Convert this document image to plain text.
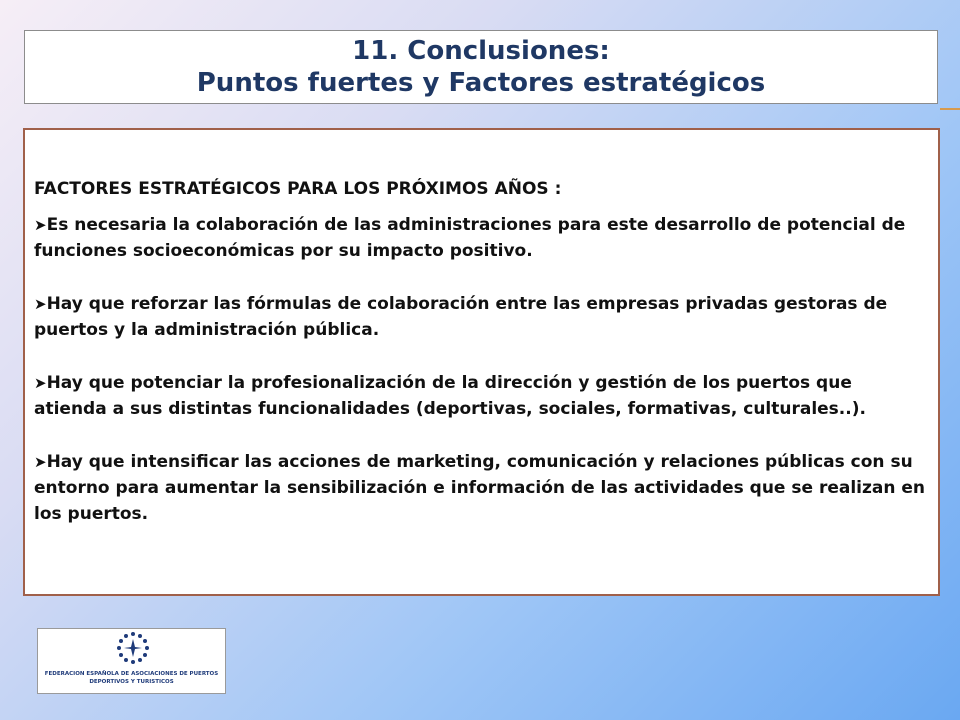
11. Conclusiones:
Puntos fuertes y Factores estratégicos

FACTORES ESTRATÉGICOS PARA LOS PRÓXIMOS AÑOS :

➤Es necesaria la colaboración de las administraciones para este desarrollo de potencial de funciones socioeconómicas por su impacto positivo.

➤Hay que reforzar las fórmulas de colaboración entre las empresas privadas gestoras de puertos y la administración pública.

➤Hay que potenciar la profesionalización de la dirección y gestión de los puertos que atienda a sus distintas funcionalidades (deportivas, sociales, formativas, culturales..).

➤Hay que intensificar las acciones de marketing, comunicación y relaciones públicas con su entorno para aumentar la sensibilización e información de las actividades que se realizan en los puertos.

FEDERACION ESPAÑOLA DE ASOCIACIONES DE PUERTOS
DEPORTIVOS Y TURISTICOS
